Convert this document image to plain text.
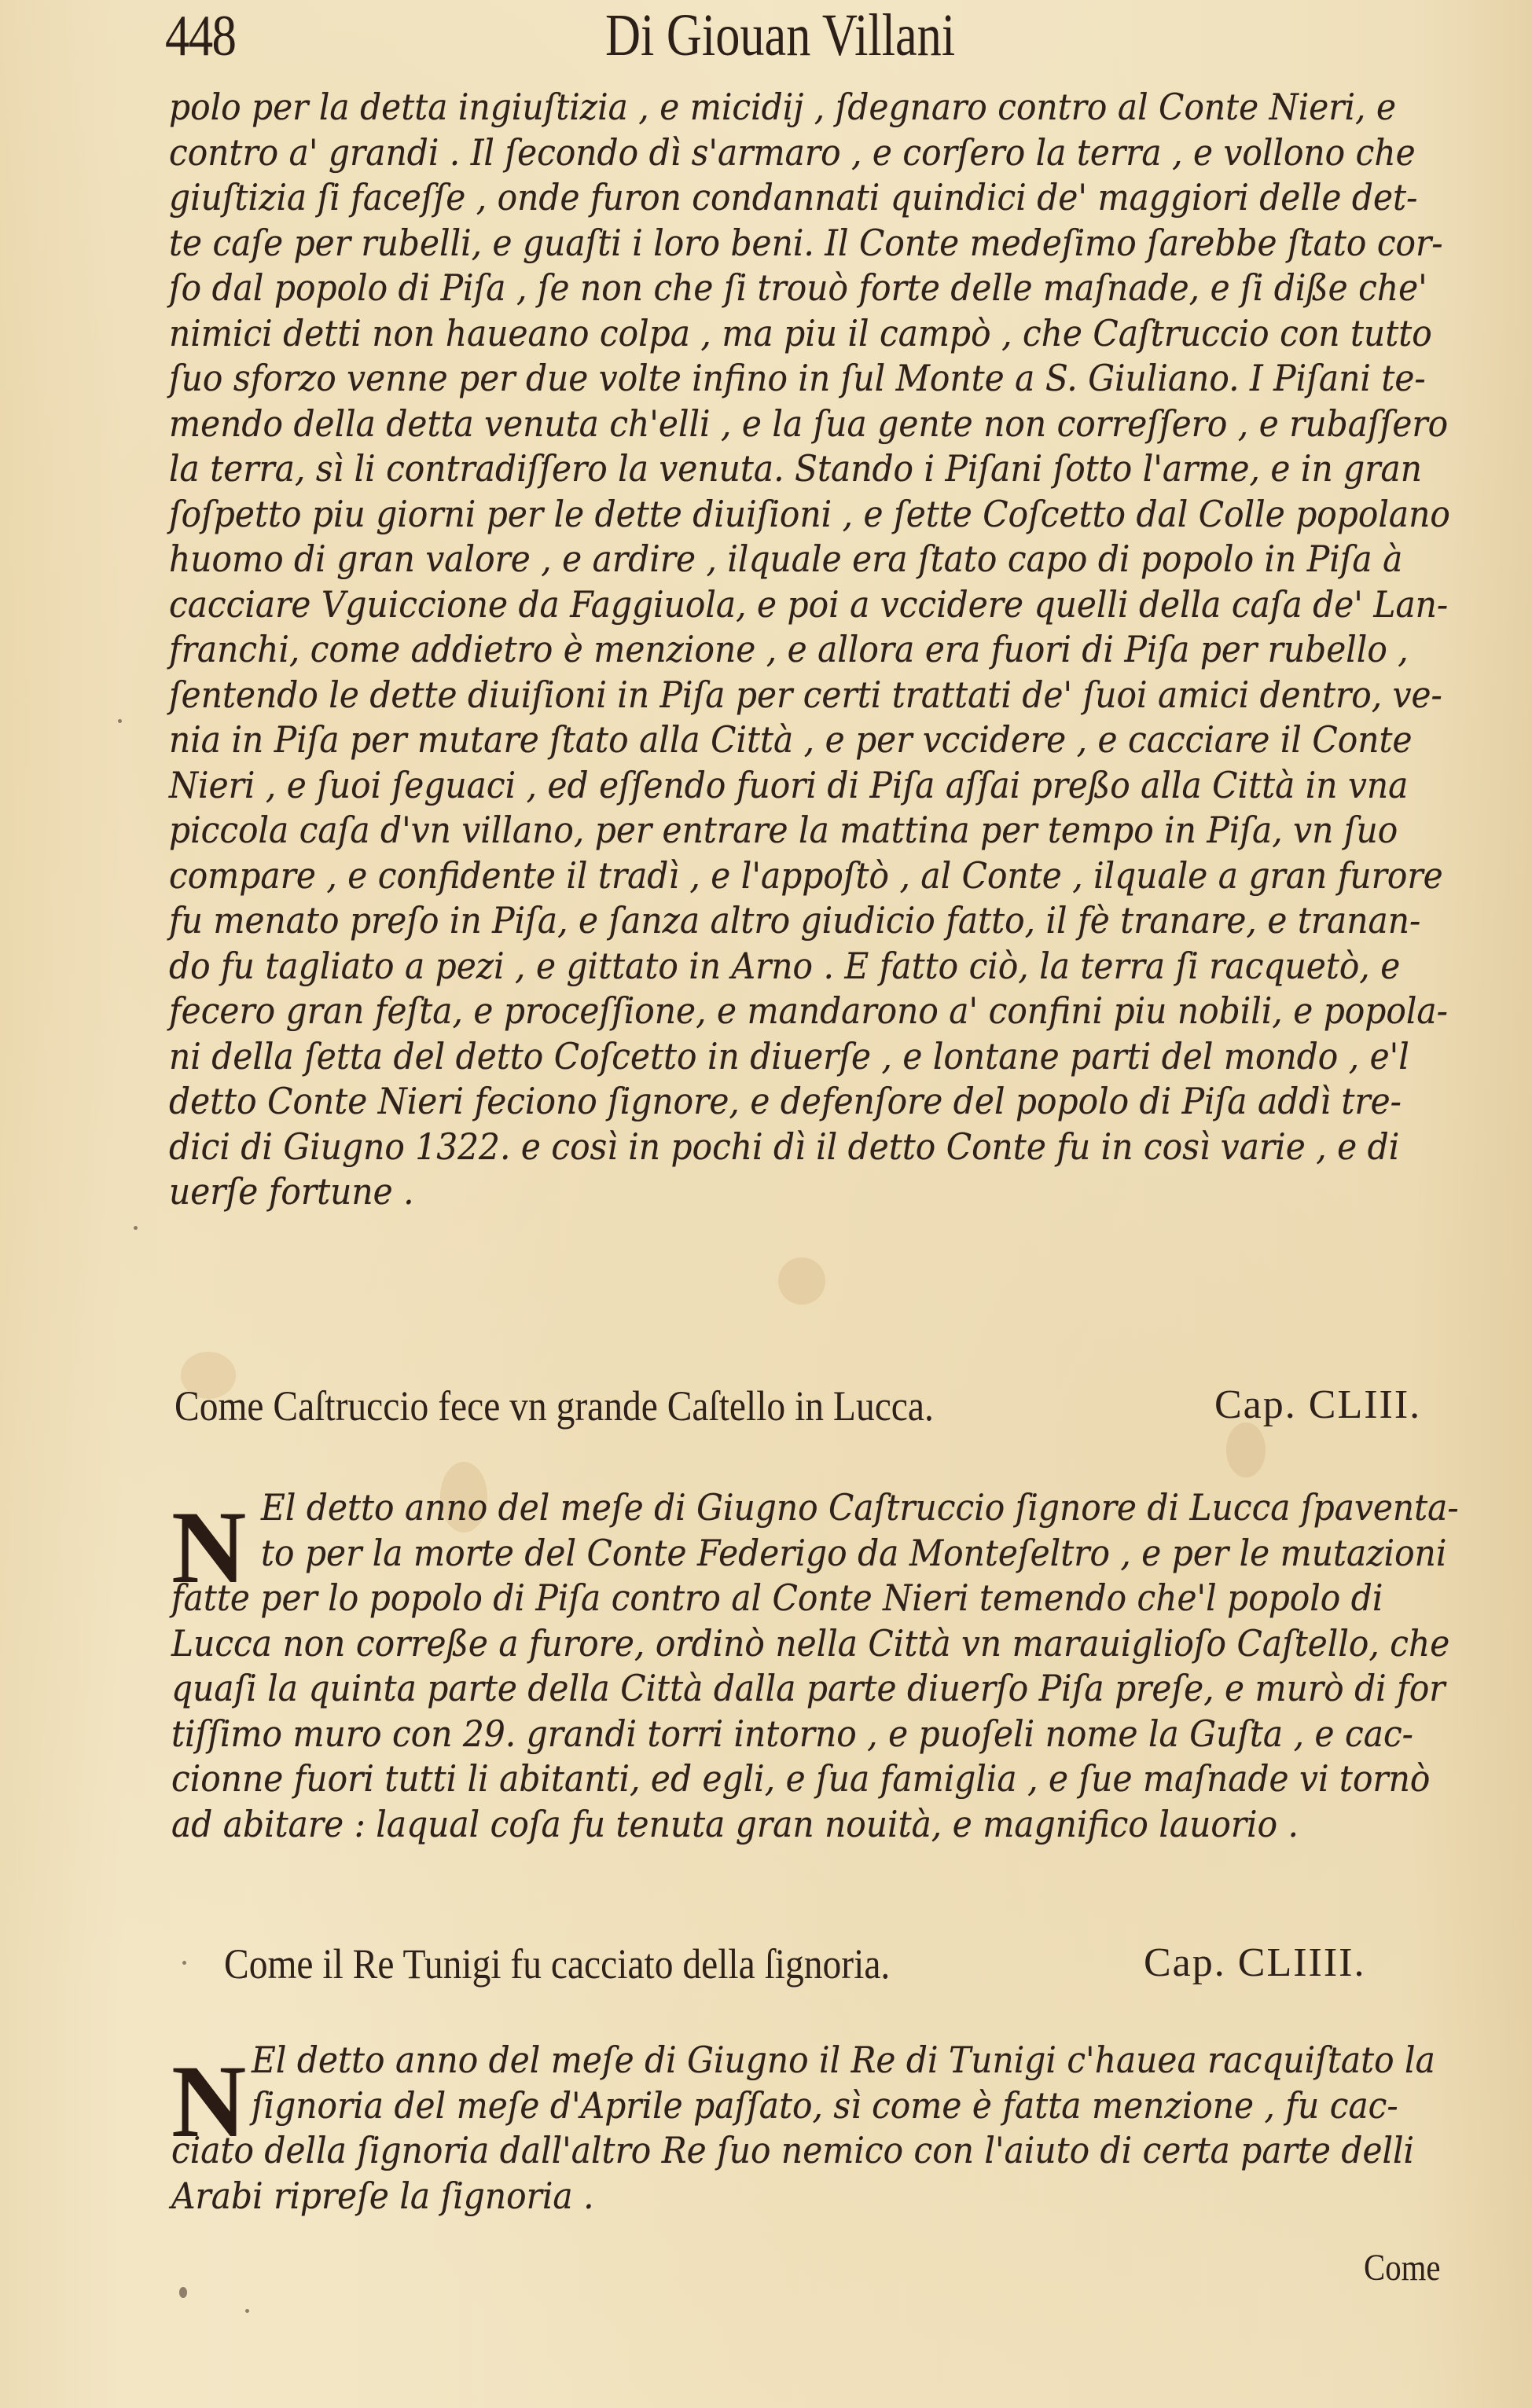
448	Di Giouan Villani
polo per la detta ingiuſtizia , e micidij , ſdegnaro contro al Conte Nieri, e
contro a' grandi . Il ſecondo dì s'armaro , e corſero la terra , e vollono che
giuſtizia ſi faceſſe , onde furon condannati quindici de' maggiori delle det-
te caſe per rubelli, e guaſti i loro beni. Il Conte medeſimo ſarebbe ſtato cor-
ſo dal popolo di Piſa , ſe non che ſi trouò forte delle maſnade, e ſi diße che'
nimici detti non haueano colpa , ma piu il campò , che Caſtruccio con tutto
ſuo sforzo venne per due volte infino in ſul Monte a S. Giuliano. I Piſani te-
mendo della detta venuta ch'elli , e la ſua gente non correſſero , e rubaſſero
la terra, sì li contradiſſero la venuta. Stando i Piſani ſotto l'arme, e in gran
ſoſpetto piu giorni per le dette diuiſioni , e ſette Coſcetto dal Colle popolano
huomo di gran valore , e ardire , ilquale era ſtato capo di popolo in Piſa à
cacciare Vguiccione da Faggiuola, e poi a vccidere quelli della caſa de' Lan-
franchi, come addietro è menzione , e allora era fuori di Piſa per rubello ,
ſentendo le dette diuiſioni in Piſa per certi trattati de' ſuoi amici dentro, ve-
nia in Piſa per mutare ſtato alla Città , e per vccidere , e cacciare il Conte
Nieri , e ſuoi ſeguaci , ed eſſendo fuori di Piſa aſſai preßo alla Città in vna
piccola caſa d'vn villano, per entrare la mattina per tempo in Piſa, vn ſuo
compare , e confidente il tradì , e l'appoſtò , al Conte , ilquale a gran furore
fu menato preſo in Piſa, e ſanza altro giudicio fatto, il fè tranare, e tranan-
do fu tagliato a pezi , e gittato in Arno . E fatto ciò, la terra ſi racquetò, e
fecero gran feſta, e proceſſione, e mandarono a' confini piu nobili, e popola-
ni della ſetta del detto Coſcetto in diuerſe , e lontane parti del mondo , e'l
detto Conte Nieri feciono ſignore, e defenſore del popolo di Piſa addì tre-
dici di Giugno 1322. e così in pochi dì il detto Conte fu in così varie , e di
uerſe fortune .
Come Caſtruccio fece vn grande Caſtello in Lucca.	Cap. CLIII.
N El detto anno del meſe di Giugno Caſtruccio ſignore di Lucca ſpaventa-
to per la morte del Conte Federigo da Monteſeltro , e per le mutazioni
fatte per lo popolo di Piſa contro al Conte Nieri temendo che'l popolo di
Lucca non correße a furore, ordinò nella Città vn marauiglioſo Caſtello, che
quaſi la quinta parte della Città dalla parte diuerſo Piſa preſe, e murò di for
tiſſimo muro con 29. grandi torri intorno , e puoſeli nome la Guſta , e cac-
cionne fuori tutti li abitanti, ed egli, e ſua famiglia , e ſue maſnade vi tornò
ad abitare : laqual coſa fu tenuta gran nouità, e magnifico lauorio .
Come il Re Tunigi fu cacciato della ſignoria.	Cap. CLIIII.
N El detto anno del meſe di Giugno il Re di Tunigi c'hauea racquiſtato la
ſignoria del meſe d'Aprile paſſato, sì come è fatta menzione , fu cac-
ciato della ſignoria dall'altro Re ſuo nemico con l'aiuto di certa parte delli
Arabi ripreſe la ſignoria .
Come
